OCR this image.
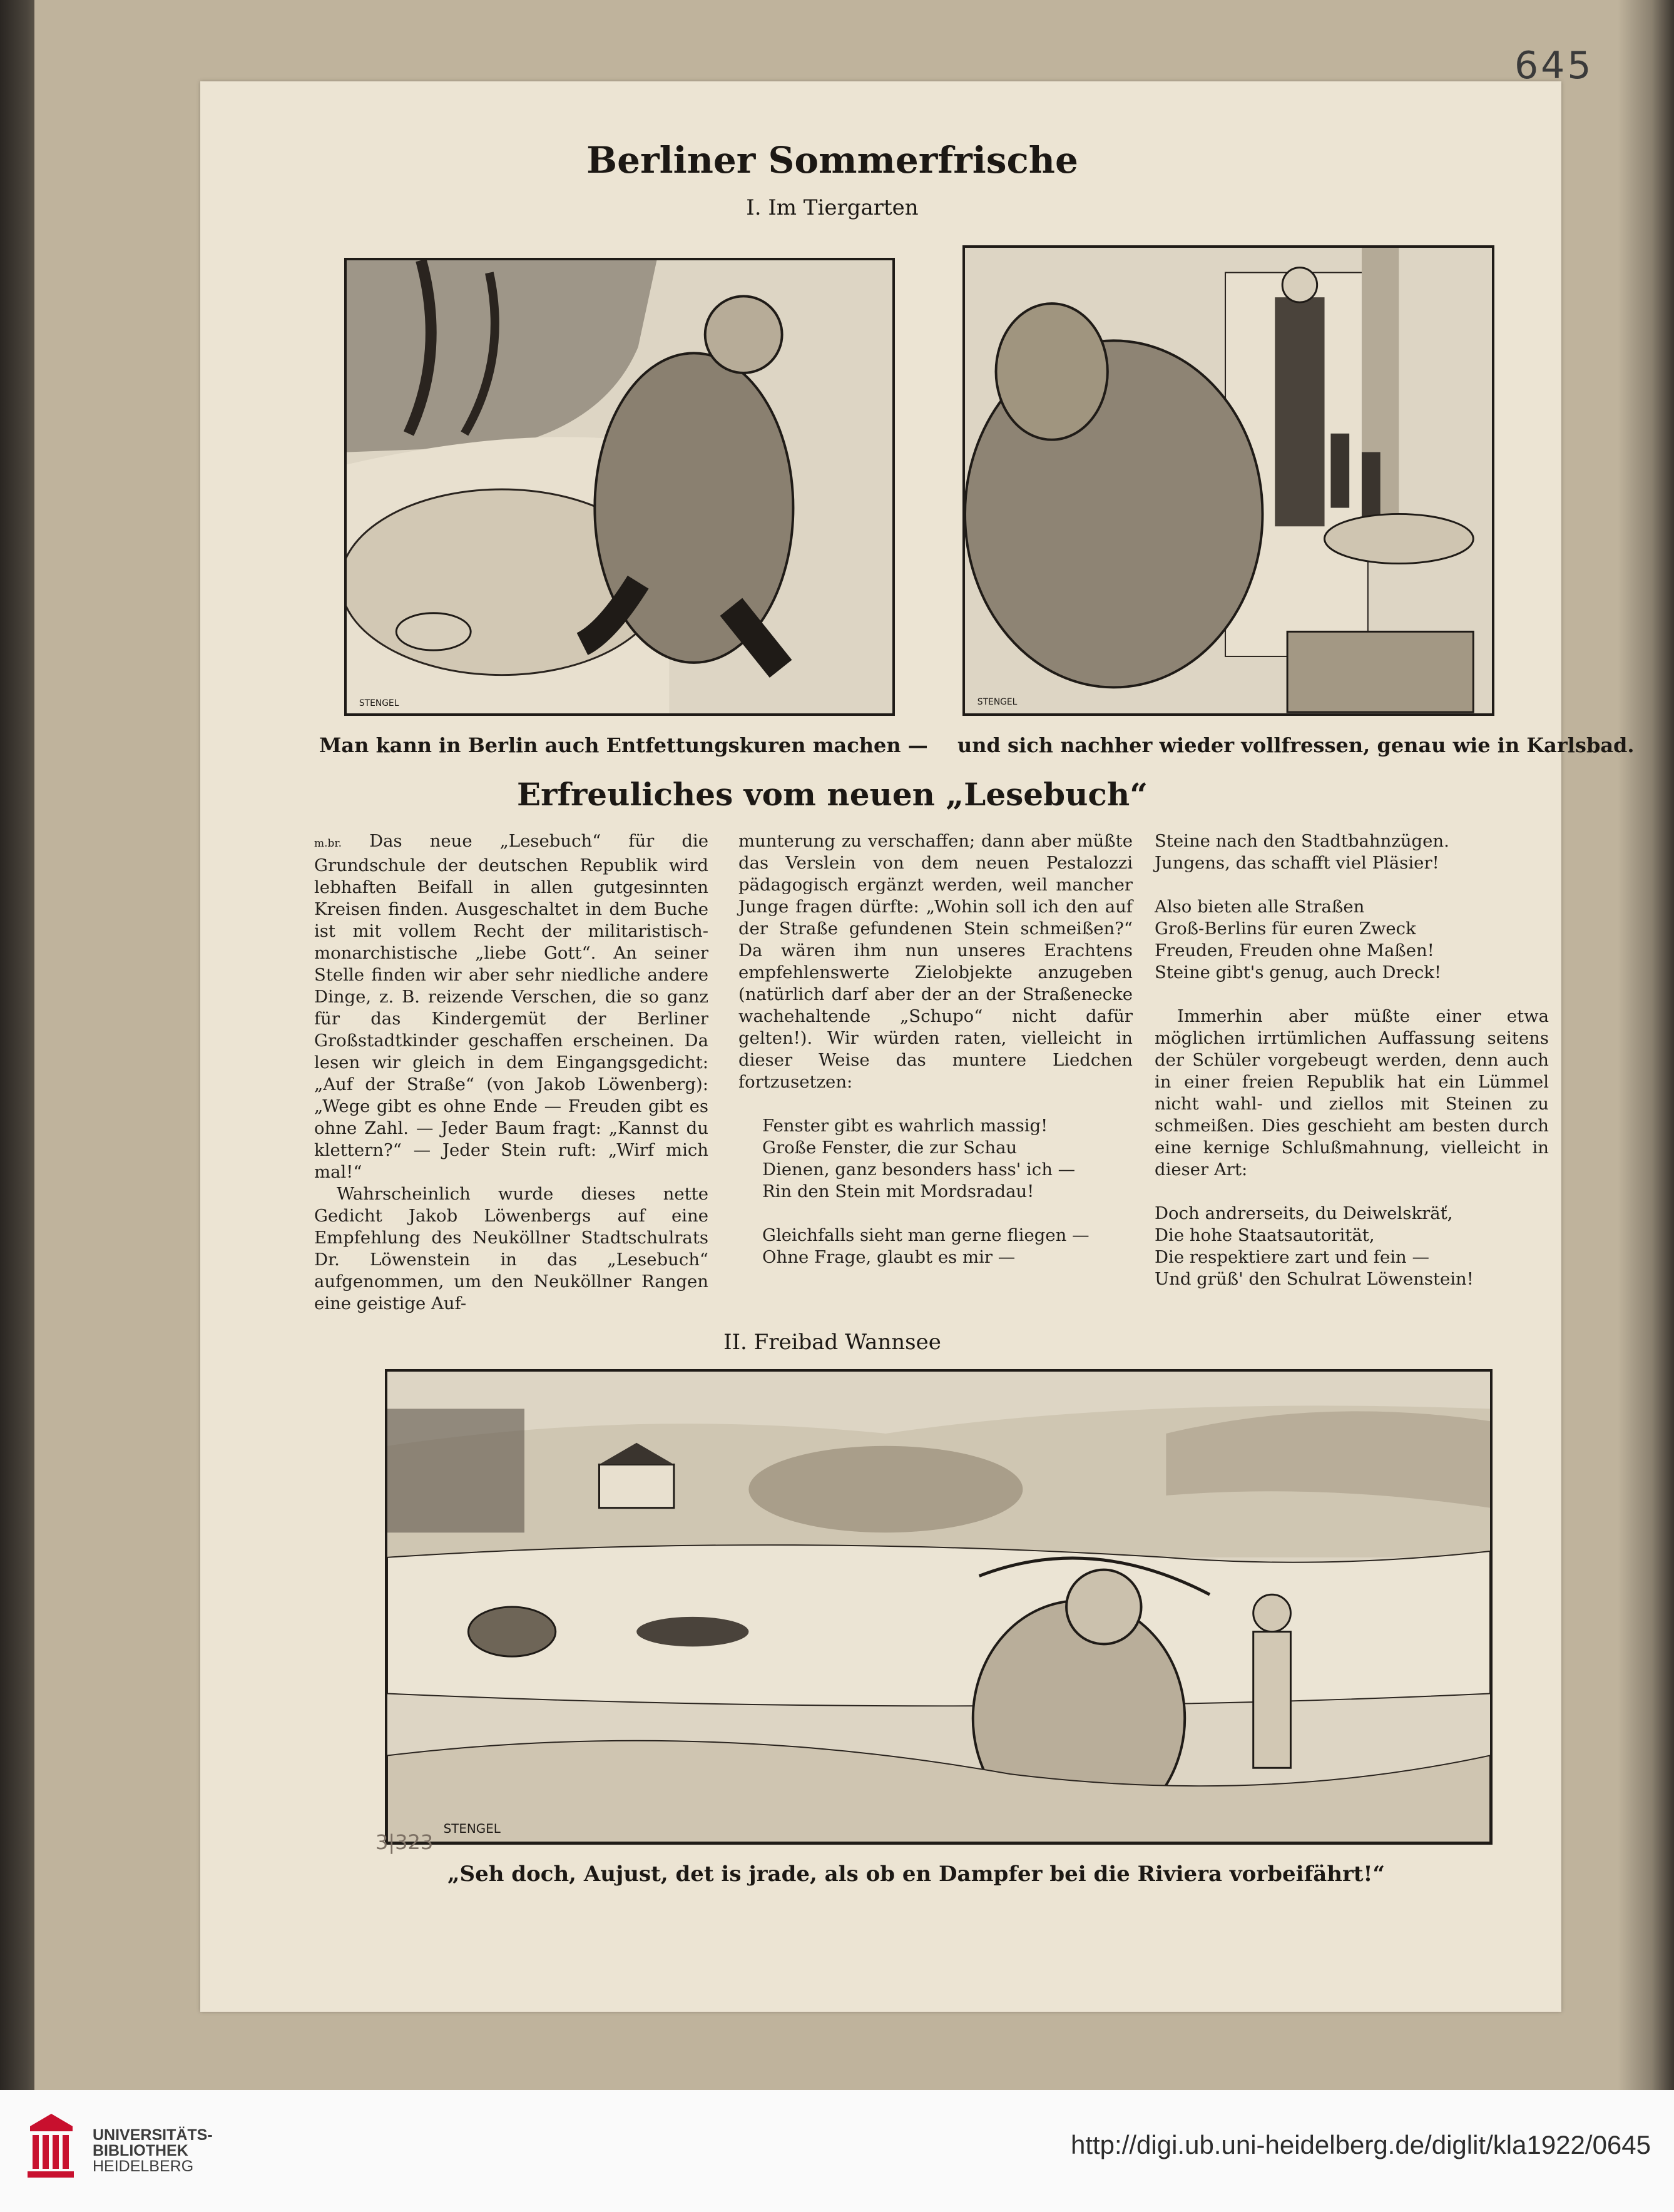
645
Berliner Sommerfrische
I. Im Tiergarten
STENGEL	STENGEL
Man kann in Berlin auch Entfettungskuren machen — und sich nachher wieder vollfressen, genau wie in Karlsbad.
Erfreuliches vom neuen „Lesebuch“

m.br. Das neue „Lesebuch“ für die Grundschule der deutschen Republik wird lebhaften Beifall in allen gutgesinnten Kreisen finden. Ausgeschaltet in dem Buche ist mit vollem Recht der militaristisch-monarchistische „liebe Gott“. An seiner Stelle finden wir aber sehr niedliche andere Dinge, z. B. reizende Verschen, die so ganz für das Kindergemüt der Berliner Großstadtkinder geschaffen erscheinen. Da lesen wir gleich in dem Eingangsgedicht: „Auf der Straße“ (von Jakob Löwenberg): „Wege gibt es ohne Ende — Freuden gibt es ohne Zahl. — Jeder Baum fragt: „Kannst du klettern?“ — Jeder Stein ruft: „Wirf mich mal!“

Wahrscheinlich wurde dieses nette Gedicht Jakob Löwenbergs auf eine Empfehlung des Neuköllner Stadtschulrats Dr. Löwenstein in das „Lesebuch“ aufgenommen, um den Neuköllner Rangen eine geistige Auf-

munterung zu verschaffen; dann aber müßte das Verslein von dem neuen Pestalozzi pädagogisch ergänzt werden, weil mancher Junge fragen dürfte: „Wohin soll ich den auf der Straße gefundenen Stein schmeißen?“ Da wären ihm nun unseres Erachtens empfehlenswerte Zielobjekte anzugeben (natürlich darf aber der an der Straßenecke wachehaltende „Schupo“ nicht dafür gelten!). Wir würden raten, vielleicht in dieser Weise das muntere Liedchen fortzusetzen:

Fenster gibt es wahrlich massig!

Große Fenster, die zur Schau

Dienen, ganz besonders hass' ich —

Rin den Stein mit Mordsradau!

Gleichfalls sieht man gerne fliegen —

Ohne Frage, glaubt es mir —

Steine nach den Stadtbahnzügen.

Jungens, das schafft viel Pläsier!

Also bieten alle Straßen

Groß-Berlins für euren Zweck

Freuden, Freuden ohne Maßen!

Steine gibt's genug, auch Dreck!

Immerhin aber müßte einer etwa möglichen irrtümlichen Auffassung seitens der Schüler vorgebeugt werden, denn auch in einer freien Republik hat ein Lümmel nicht wahl- und ziellos mit Steinen zu schmeißen. Dies geschieht am besten durch eine kernige Schlußmahnung, vielleicht in dieser Art:

Doch andrerseits, du Deiwelskräť,

Die hohe Staatsautorität,

Die respektiere zart und fein —

Und grüß' den Schulrat Löwenstein!

II. Freibad Wannsee
STENGEL
3|323
„Seh doch, Aujust, det is jrade, als ob en Dampfer bei die Riviera vorbeifährt!“
UNIVERSITÄTS-
BIBLIOTHEK
HEIDELBERG
http://digi.ub.uni-heidelberg.de/diglit/kla1922/0645
